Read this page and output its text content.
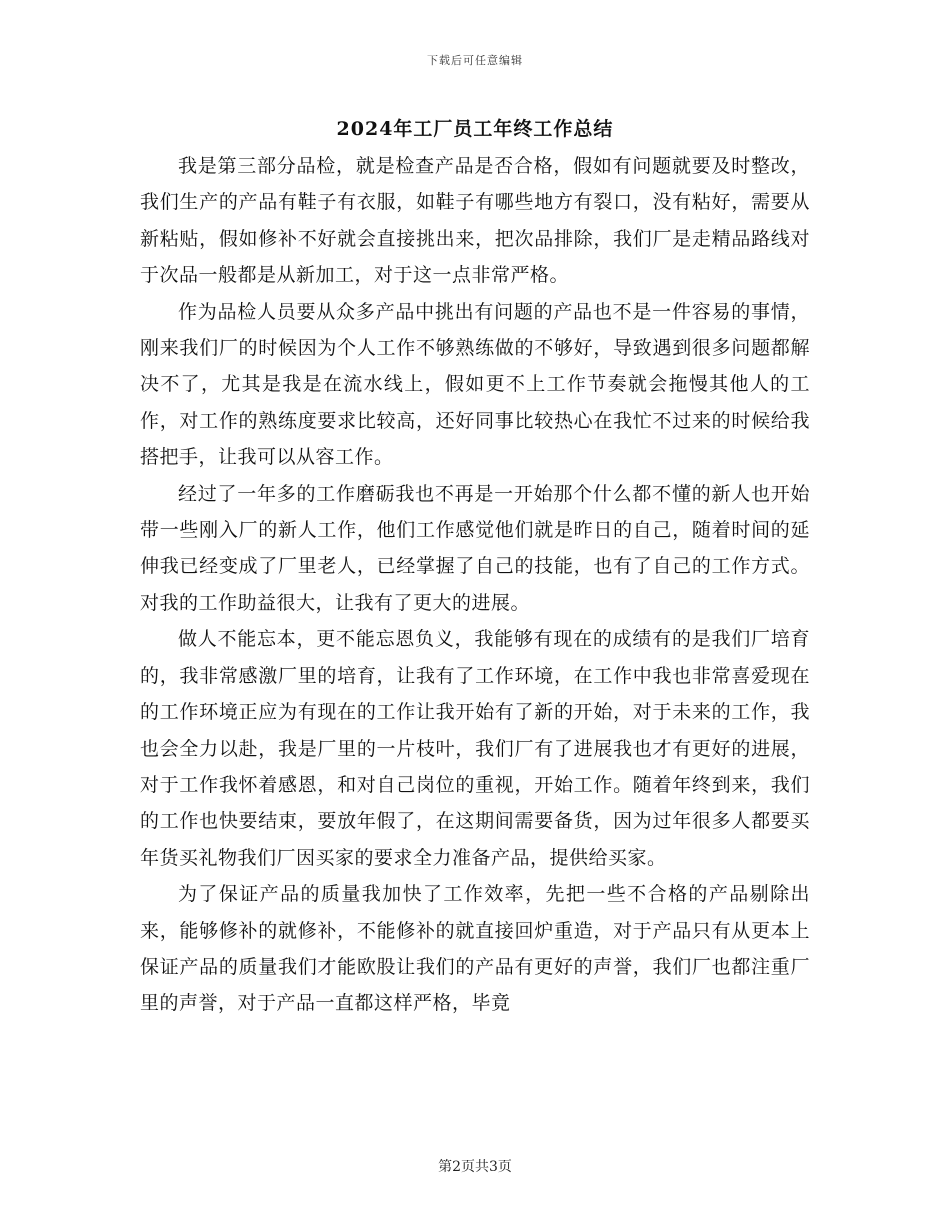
下载后可任意编辑
2024年工厂员工年终工作总结

我是第三部分品检，就是检查产品是否合格，假如有问题就要及时整改，我们生产的产品有鞋子有衣服，如鞋子有哪些地方有裂口，没有粘好，需要从新粘贴，假如修补不好就会直接挑出来，把次品排除，我们厂是走精品路线对于次品一般都是从新加工，对于这一点非常严格。

作为品检人员要从众多产品中挑出有问题的产品也不是一件容易的事情，刚来我们厂的时候因为个人工作不够熟练做的不够好，导致遇到很多问题都解决不了，尤其是我是在流水线上，假如更不上工作节奏就会拖慢其他人的工作，对工作的熟练度要求比较高，还好同事比较热心在我忙不过来的时候给我搭把手，让我可以从容工作。

经过了一年多的工作磨砺我也不再是一开始那个什么都不懂的新人也开始带一些刚入厂的新人工作，他们工作感觉他们就是昨日的自己，随着时间的延伸我已经变成了厂里老人，已经掌握了自己的技能，也有了自己的工作方式。对我的工作助益很大，让我有了更大的进展。

做人不能忘本，更不能忘恩负义，我能够有现在的成绩有的是我们厂培育的，我非常感激厂里的培育，让我有了工作环境，在工作中我也非常喜爱现在的工作环境正应为有现在的工作让我开始有了新的开始，对于未来的工作，我也会全力以赴，我是厂里的一片枝叶，我们厂有了进展我也才有更好的进展，对于工作我怀着感恩，和对自己岗位的重视，开始工作。随着年终到来，我们的工作也快要结束，要放年假了，在这期间需要备货，因为过年很多人都要买年货买礼物我们厂因买家的要求全力准备产品，提供给买家。

为了保证产品的质量我加快了工作效率，先把一些不合格的产品剔除出来，能够修补的就修补，不能修补的就直接回炉重造，对于产品只有从更本上保证产品的质量我们才能欧股让我们的产品有更好的声誉，我们厂也都注重厂里的声誉，对于产品一直都这样严格，毕竟

第2页共3页
